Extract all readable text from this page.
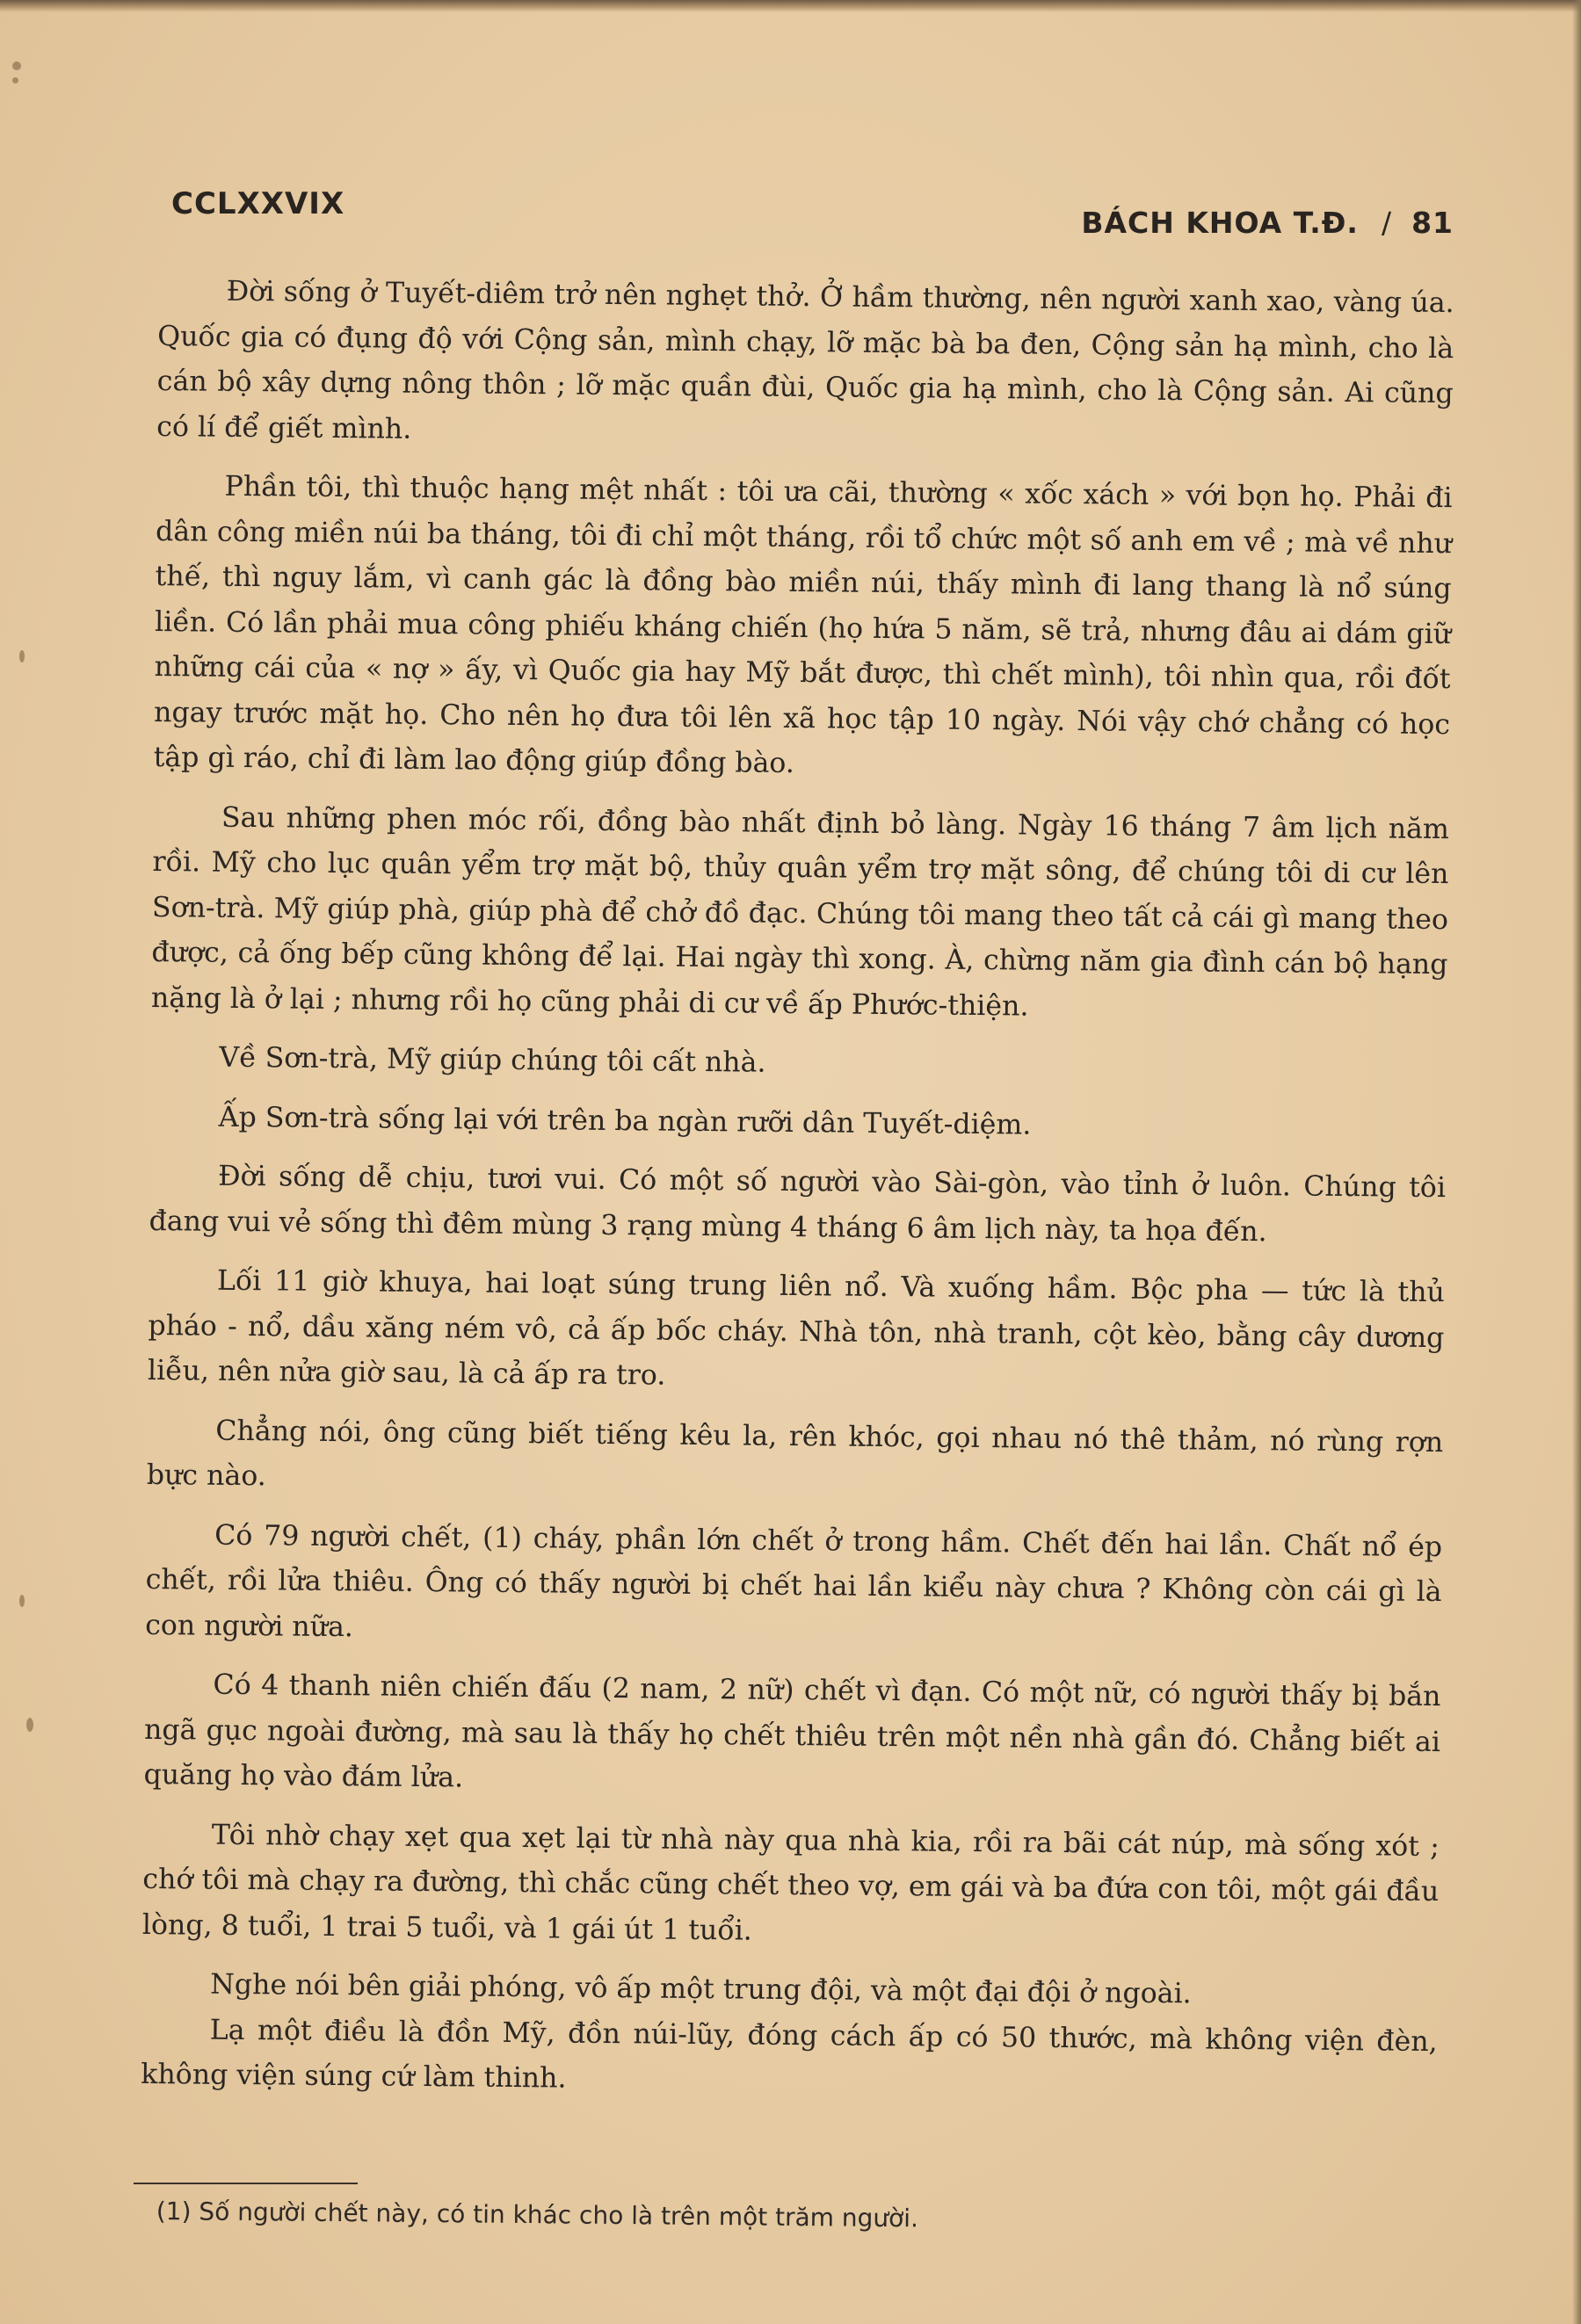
CCLXXVIX
BÁCH KHOA T.Đ. / 81

Đời sống ở Tuyết-diêm trở nên nghẹt thở. Ở hầm thường, nên người xanh xao, vàng úa. Quốc gia có đụng độ với Cộng sản, mình chạy, lỡ mặc bà ba đen, Cộng sản hạ mình, cho là cán bộ xây dựng nông thôn ; lỡ mặc quần đùi, Quốc gia hạ mình, cho là Cộng sản. Ai cũng có lí để giết mình.

Phần tôi, thì thuộc hạng mệt nhất : tôi ưa cãi, thường « xốc xách » với bọn họ. Phải đi dân công miền núi ba tháng, tôi đi chỉ một tháng, rồi tổ chức một số anh em về ; mà về như thế, thì nguy lắm, vì canh gác là đồng bào miền núi, thấy mình đi lang thang là nổ súng liền. Có lần phải mua công phiếu kháng chiến (họ hứa 5 năm, sẽ trả, nhưng đâu ai dám giữ những cái của « nợ » ấy, vì Quốc gia hay Mỹ bắt được, thì chết mình), tôi nhìn qua, rồi đốt ngay trước mặt họ. Cho nên họ đưa tôi lên xã học tập 10 ngày. Nói vậy chớ chẳng có học tập gì ráo, chỉ đi làm lao động giúp đồng bào.

Sau những phen móc rối, đồng bào nhất định bỏ làng. Ngày 16 tháng 7 âm lịch năm rồi. Mỹ cho lục quân yểm trợ mặt bộ, thủy quân yểm trợ mặt sông, để chúng tôi di cư lên Sơn-trà. Mỹ giúp phà, giúp phà để chở đồ đạc. Chúng tôi mang theo tất cả cái gì mang theo được, cả ống bếp cũng không để lại. Hai ngày thì xong. À, chừng năm gia đình cán bộ hạng nặng là ở lại ; nhưng rồi họ cũng phải di cư về ấp Phước-thiện.

Về Sơn-trà, Mỹ giúp chúng tôi cất nhà.

Ấp Sơn-trà sống lại với trên ba ngàn rưỡi dân Tuyết-diệm.

Đời sống dễ chịu, tươi vui. Có một số người vào Sài-gòn, vào tỉnh ở luôn. Chúng tôi đang vui vẻ sống thì đêm mùng 3 rạng mùng 4 tháng 6 âm lịch này, ta họa đến.

Lối 11 giờ khuya, hai loạt súng trung liên nổ. Và xuống hầm. Bộc pha — tức là thủ pháo - nổ, dầu xăng ném vô, cả ấp bốc cháy. Nhà tôn, nhà tranh, cột kèo, bằng cây dương liễu, nên nửa giờ sau, là cả ấp ra tro.

Chẳng nói, ông cũng biết tiếng kêu la, rên khóc, gọi nhau nó thê thảm, nó rùng rợn bực nào.

Có 79 người chết, (1) cháy, phần lớn chết ở trong hầm. Chết đến hai lần. Chất nổ ép chết, rồi lửa thiêu. Ông có thấy người bị chết hai lần kiểu này chưa ? Không còn cái gì là con người nữa.

Có 4 thanh niên chiến đấu (2 nam, 2 nữ) chết vì đạn. Có một nữ, có người thấy bị bắn ngã gục ngoài đường, mà sau là thấy họ chết thiêu trên một nền nhà gần đó. Chẳng biết ai quăng họ vào đám lửa.

Tôi nhờ chạy xẹt qua xẹt lại từ nhà này qua nhà kia, rồi ra bãi cát núp, mà sống xót ; chớ tôi mà chạy ra đường, thì chắc cũng chết theo vợ, em gái và ba đứa con tôi, một gái đầu lòng, 8 tuổi, 1 trai 5 tuổi, và 1 gái út 1 tuổi.

Nghe nói bên giải phóng, vô ấp một trung đội, và một đại đội ở ngoài.

Lạ một điều là đồn Mỹ, đồn núi-lũy, đóng cách ấp có 50 thước, mà không viện đèn, không viện súng cứ làm thinh.

(1) Số người chết này, có tin khác cho là trên một trăm người.
